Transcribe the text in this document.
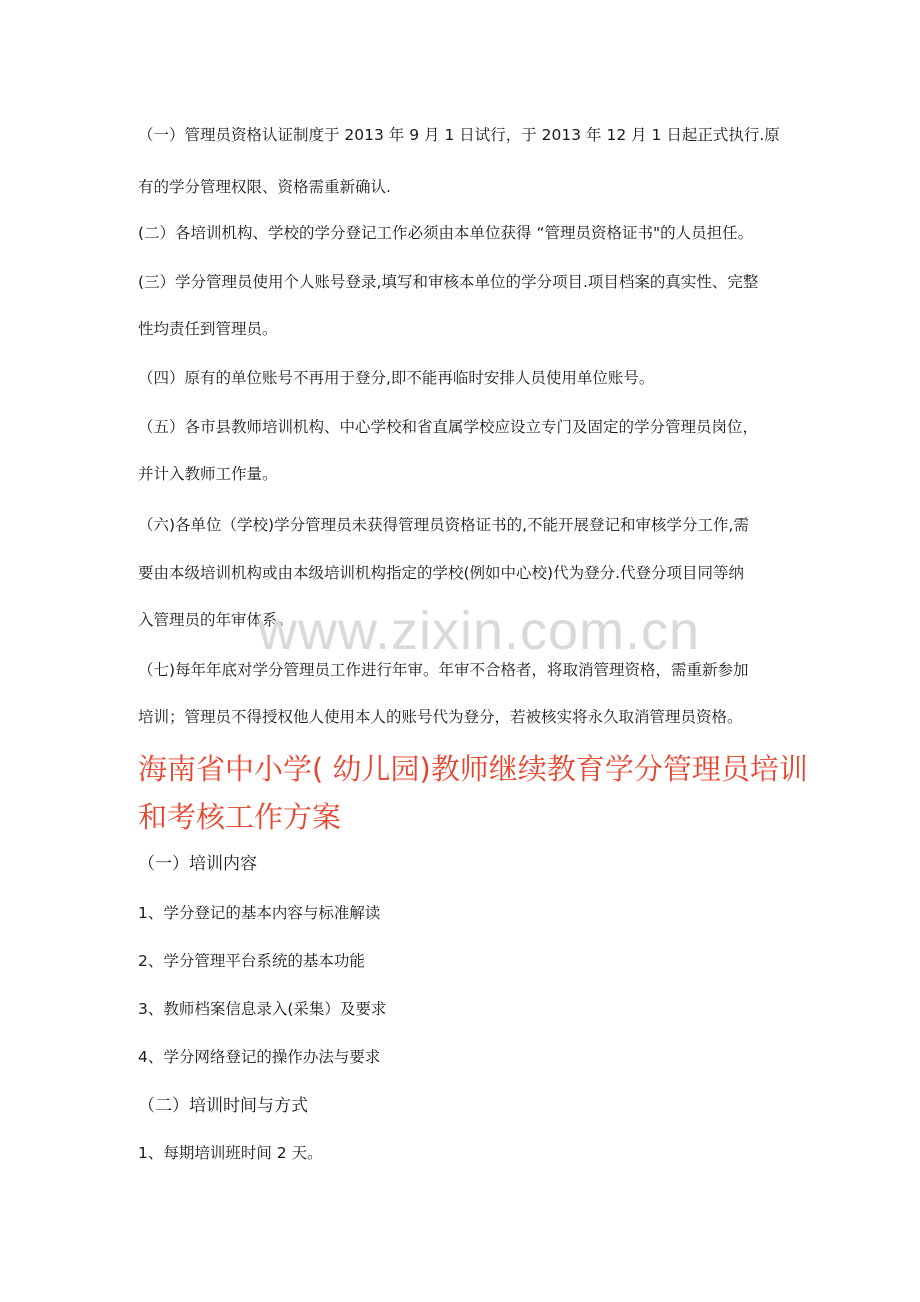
（一）管理员资格认证制度于 2013 年 9 月 1 日试行，于 2013 年 12 月 1 日起正式执行.原
有的学分管理权限、资格需重新确认.
(二）各培训机构、学校的学分登记工作必须由本单位获得 “管理员资格证书"的人员担任。
(三）学分管理员使用个人账号登录,填写和审核本单位的学分项目.项目档案的真实性、完整
性均责任到管理员。
（四）原有的单位账号不再用于登分,即不能再临时安排人员使用单位账号。
（五）各市县教师培训机构、中心学校和省直属学校应设立专门及固定的学分管理员岗位，
并计入教师工作量。
（六)各单位（学校)学分管理员未获得管理员资格证书的,不能开展登记和审核学分工作,需
要由本级培训机构或由本级培训机构指定的学校(例如中心校)代为登分.代登分项目同等纳
入管理员的年审体系。
www.zixin.com.cn
（七)每年年底对学分管理员工作进行年审。年审不合格者，将取消管理资格，需重新参加
培训；管理员不得授权他人使用本人的账号代为登分，若被核实将永久取消管理员资格。
海南省中小学( 幼儿园)教师继续教育学分管理员培训
和考核工作方案
（一）培训内容
1、学分登记的基本内容与标准解读
2、学分管理平台系统的基本功能
3、教师档案信息录入(采集）及要求
4、学分网络登记的操作办法与要求
（二）培训时间与方式
1、每期培训班时间 2 天。
